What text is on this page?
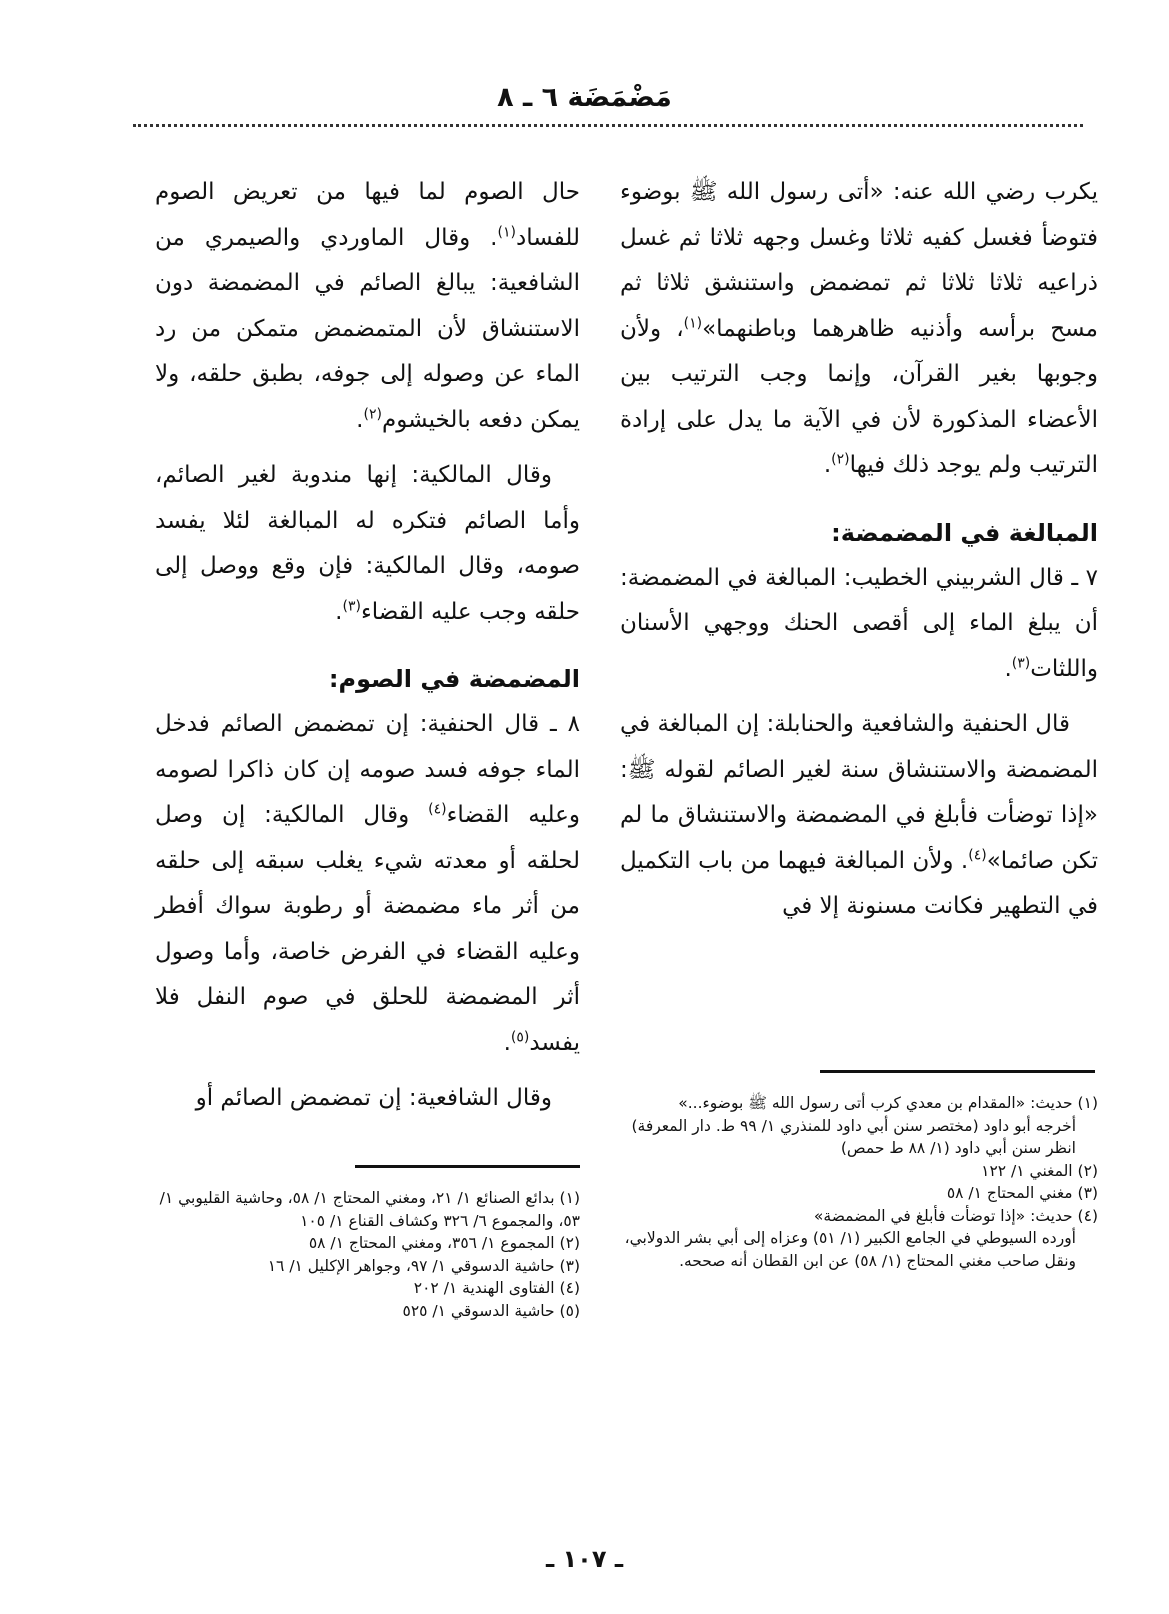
مَضْمَضَة ٦ ـ ٨

يكرب رضي الله عنه: «أتى رسول الله ﷺ بوضوء فتوضأ فغسل كفيه ثلاثا وغسل وجهه ثلاثا ثم غسل ذراعيه ثلاثا ثلاثا ثم تمضمض واستنشق ثلاثا ثم مسح برأسه وأذنيه ظاهرهما وباطنهما»$^{(١)}$، ولأن وجوبها بغير القرآن، وإنما وجب الترتيب بين الأعضاء المذكورة لأن في الآية ما يدل على إرادة الترتيب ولم يوجد ذلك فيها$^{(٢)}$.

المبالغة في المضمضة:

٧ ـ قال الشربيني الخطيب: المبالغة في المضمضة: أن يبلغ الماء إلى أقصى الحنك ووجهي الأسنان واللثات$^{(٣)}$.

قال الحنفية والشافعية والحنابلة: إن المبالغة في المضمضة والاستنشاق سنة لغير الصائم لقوله ﷺ: «إذا توضأت فأبلغ في المضمضة والاستنشاق ما لم تكن صائما»$^{(٤)}$. ولأن المبالغة فيهما من باب التكميل في التطهير فكانت مسنونة إلا في

حال الصوم لما فيها من تعريض الصوم للفساد$^{(١)}$. وقال الماوردي والصيمري من الشافعية: يبالغ الصائم في المضمضة دون الاستنشاق لأن المتمضمض متمكن من رد الماء عن وصوله إلى جوفه، بطبق حلقه، ولا يمكن دفعه بالخيشوم$^{(٢)}$.

وقال المالكية: إنها مندوبة لغير الصائم، وأما الصائم فتكره له المبالغة لئلا يفسد صومه، وقال المالكية: فإن وقع ووصل إلى حلقه وجب عليه القضاء$^{(٣)}$.

المضمضة في الصوم:

٨ ـ قال الحنفية: إن تمضمض الصائم فدخل الماء جوفه فسد صومه إن كان ذاكرا لصومه وعليه القضاء$^{(٤)}$ وقال المالكية: إن وصل لحلقه أو معدته شيء يغلب سبقه إلى حلقه من أثر ماء مضمضة أو رطوبة سواك أفطر وعليه القضاء في الفرض خاصة، وأما وصول أثر المضمضة للحلق في صوم النفل فلا يفسد$^{(٥)}$.

وقال الشافعية: إن تمضمض الصائم أو	(١) حديث: «المقدام بن معدي كرب أتى رسول الله ﷺ بوضوء...»
أخرجه أبو داود (مختصر سنن أبي داود للمنذري ١/ ٩٩ ط. دار المعرفة) انظر سنن أبي داود (١/ ٨٨ ط حمص)
(٢) المغني ١/ ١٢٢
(٣) مغني المحتاج ١/ ٥٨
(٤) حديث: «إذا توضأت فأبلغ في المضمضة»
أورده السيوطي في الجامع الكبير (١/ ٥١) وعزاه إلى أبي بشر الدولابي، ونقل صاحب مغني المحتاج (١/ ٥٨) عن ابن القطان أنه صححه.
(١) بدائع الصنائع ١/ ٢١، ومغني المحتاج ١/ ٥٨، وحاشية القليوبي ١/ ٥٣، والمجموع ٦/ ٣٢٦ وكشاف القناع ١/ ١٠٥
(٢) المجموع ١/ ٣٥٦، ومغني المحتاج ١/ ٥٨
(٣) حاشية الدسوقي ١/ ٩٧، وجواهر الإكليل ١/ ١٦
(٤) الفتاوى الهندية ١/ ٢٠٢
(٥) حاشية الدسوقي ١/ ٥٢٥
ـ ١٠٧ ـ
